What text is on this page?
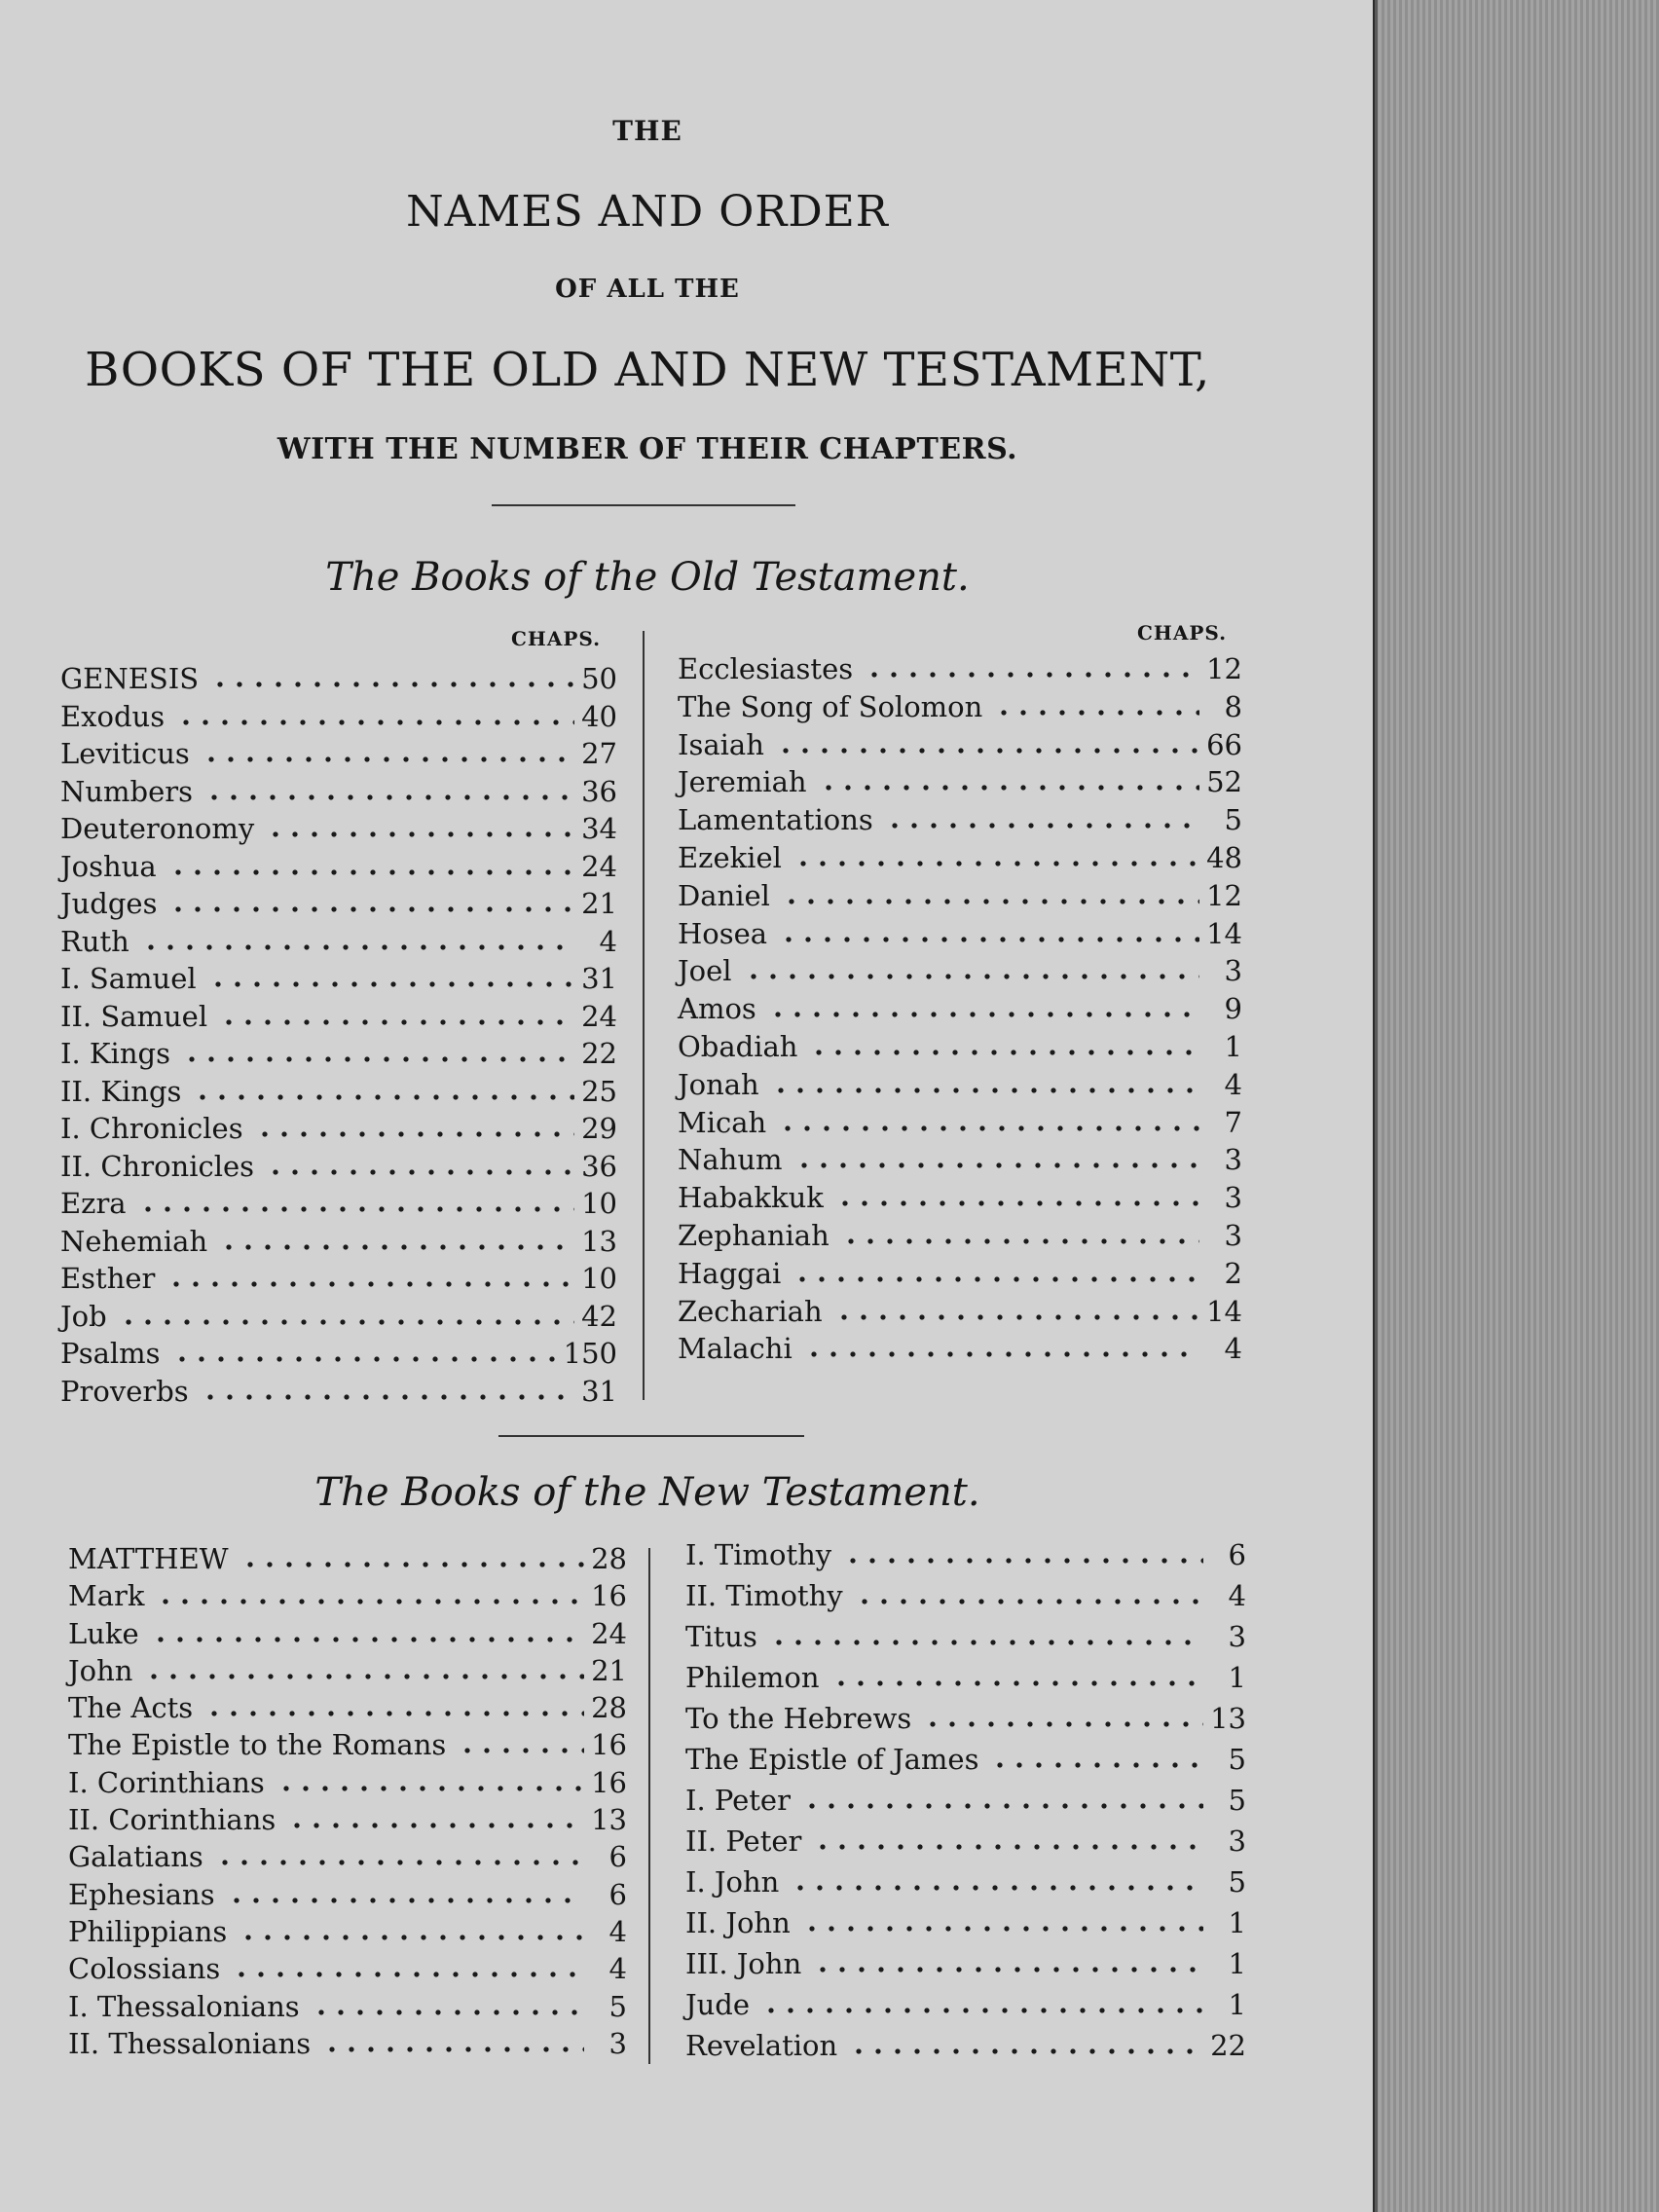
THE
NAMES AND ORDER
OF ALL THE
BOOKS OF THE OLD AND NEW TESTAMENT,
WITH THE NUMBER OF THEIR CHAPTERS.
The Books of the Old Testament.
CHAPS.	CHAPS.
GENESIS	50
Exodus	40
Leviticus	27
Numbers	36
Deuteronomy	34
Joshua	24
Judges	21
Ruth	4
I. Samuel	31
II. Samuel	24
I. Kings	22
II. Kings	25
I. Chronicles	29
II. Chronicles	36
Ezra	10
Nehemiah	13
Esther	10
Job	42
Psalms	150
Proverbs	31
Ecclesiastes	12
The Song of Solomon	8
Isaiah	66
Jeremiah	52
Lamentations	5
Ezekiel	48
Daniel	12
Hosea	14
Joel	3
Amos	9
Obadiah	1
Jonah	4
Micah	7
Nahum	3
Habakkuk	3
Zephaniah	3
Haggai	2
Zechariah	14
Malachi	4
The Books of the New Testament.
MATTHEW	28
Mark	16
Luke	24
John	21
The Acts	28
The Epistle to the Romans	16
I. Corinthians	16
II. Corinthians	13
Galatians	6
Ephesians	6
Philippians	4
Colossians	4
I. Thessalonians	5
II. Thessalonians	3
I. Timothy	6
II. Timothy	4
Titus	3
Philemon	1
To the Hebrews	13
The Epistle of James	5
I. Peter	5
II. Peter	3
I. John	5
II. John	1
III. John	1
Jude	1
Revelation	22
